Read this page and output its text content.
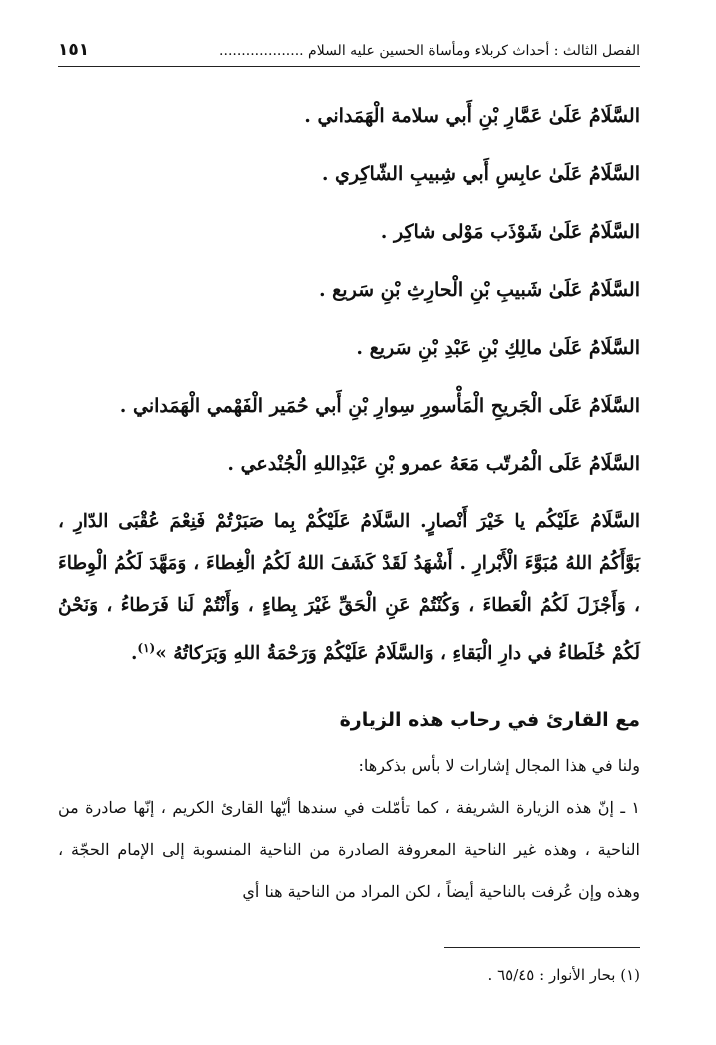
الفصل الثالث : أحداث كربلاء ومأساة الحسين عليه السلام ...................
١٥١
السَّلَامُ عَلَىٰ عَمَّارِ بْنِ أَبي سلامة الْهَمَداني .
السَّلَامُ عَلَىٰ عابِسِ أَبي شِبيبِ الشّاكِري .
السَّلَامُ عَلَىٰ شَوْذَب مَوْلى شاكِر .
السَّلَامُ عَلَىٰ شَبيبِ بْنِ الْحارِثِ بْنِ سَريع .
السَّلَامُ عَلَىٰ مالِكِ بْنِ عَبْدِ بْنِ سَريع .
السَّلَامُ عَلَى الْجَريحِ الْمَأْسورِ سِوارِ بْنِ أَبي حُمَير الْفَهْمي الْهَمَداني .
السَّلَامُ عَلَى الْمُرتّب مَعَهُ عمرو بْنِ عَبْدِاللهِ الْجُنْدعي .
السَّلَامُ عَلَيْكُم يا خَيْرَ أَنْصارٍ. السَّلَامُ عَلَيْكُمْ بِما صَبَرْتُمْ فَنِعْمَ عُقْبَى الدّارِ ، بَوَّأَكُمُ اللهُ مُبَوَّءَ الْأَبْرارِ . أَشْهَدُ لَقَدْ كَشَفَ اللهُ لَكُمُ الْغِطاءَ ، وَمَهَّدَ لَكُمُ الْوِطاءَ ، وَأَجْزَلَ لَكُمُ الْعَطاءَ ، وَكُنْتُمْ عَنِ الْحَقِّ غَيْرَ بِطاءٍ ، وَأَنْتُمْ لَنا فَرَطاءُ ، وَنَحْنُ لَكُمْ خُلَطاءُ في دارِ الْبَقاءِ ، وَالسَّلَامُ عَلَيْكُمْ وَرَحْمَةُ اللهِ وَبَرَكاتُهُ »$^{(١)}$.
مع القارئ في رحاب هذه الزيارة
ولنا في هذا المجال إشارات لا بأس بذكرها:
١ ـ إنّ هذه الزيارة الشريفة ، كما تأمّلت في سندها أيّها القارئ الكريم ، إنّها صادرة من الناحية ، وهذه غير الناحية المعروفة الصادرة من الناحية المنسوبة إلى الإمام الحجّة ، وهذه وإن عُرفت بالناحية أيضاً ، لكن المراد من الناحية هنا أي
(١) بحار الأنوار : ٦٥/٤٥ .
